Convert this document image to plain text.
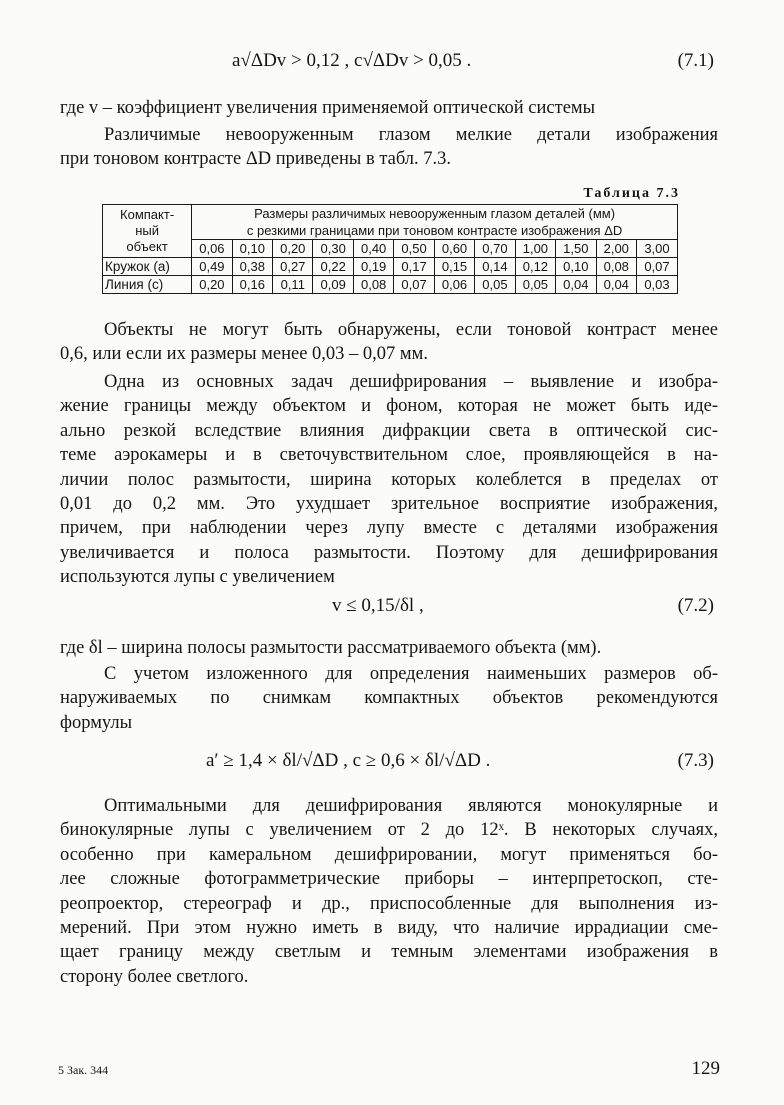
a√ΔDv > 0,12 , c√ΔDv > 0,05 .	(7.1)

где v – коэффициент увеличения применяемой оптической системы

Различимые невооруженным глазом мелкие детали изображения
при тоновом контрасте ΔD приведены в табл. 7.3.

Таблица 7.3
Компакт-
ный
объект	Размеры различимых невооруженным глазом деталей (мм)											
	с резкими границами при тоновом контрасте изображения ΔD											
	0,06	0,10	0,20	0,30	0,40	0,50	0,60	0,70	1,00	1,50	2,00	3,00
Кружок (a)	0,49	0,38	0,27	0,22	0,19	0,17	0,15	0,14	0,12	0,10	0,08	0,07
Линия (c)	0,20	0,16	0,11	0,09	0,08	0,07	0,06	0,05	0,05	0,04	0,04	0,03

Объекты не могут быть обнаружены, если тоновой контраст менее
0,6, или если их размеры менее 0,03 – 0,07 мм.

Одна из основных задач дешифрирования – выявление и изобра-
жение границы между объектом и фоном, которая не может быть иде-
ально резкой вследствие влияния дифракции света в оптической сис-
теме аэрокамеры и в светочувствительном слое, проявляющейся в на-
личии полос размытости, ширина которых колеблется в пределах от
0,01 до 0,2 мм. Это ухудшает зрительное восприятие изображения,
причем, при наблюдении через лупу вместе с деталями изображения
увеличивается и полоса размытости. Поэтому для дешифрирования
используются лупы с увеличением

v ≤ 0,15/δl ,	(7.2)

где δl – ширина полосы размытости рассматриваемого объекта (мм).

С учетом изложенного для определения наименьших размеров об-
наруживаемых по снимкам компактных объектов рекомендуются
формулы

a′ ≥ 1,4 × δl/√ΔD , c ≥ 0,6 × δl/√ΔD .	(7.3)

Оптимальными для дешифрирования являются монокулярные и
бинокулярные лупы с увеличением от 2 до 12ˣ. В некоторых случаях,
особенно при камеральном дешифрировании, могут применяться бо-
лее сложные фотограмметрические приборы – интерпретоскоп, сте-
реопроектор, стереограф и др., приспособленные для выполнения из-
мерений. При этом нужно иметь в виду, что наличие иррадиации сме-
щает границу между светлым и темным элементами изображения в
сторону более светлого.

5 Зак. 344	129
